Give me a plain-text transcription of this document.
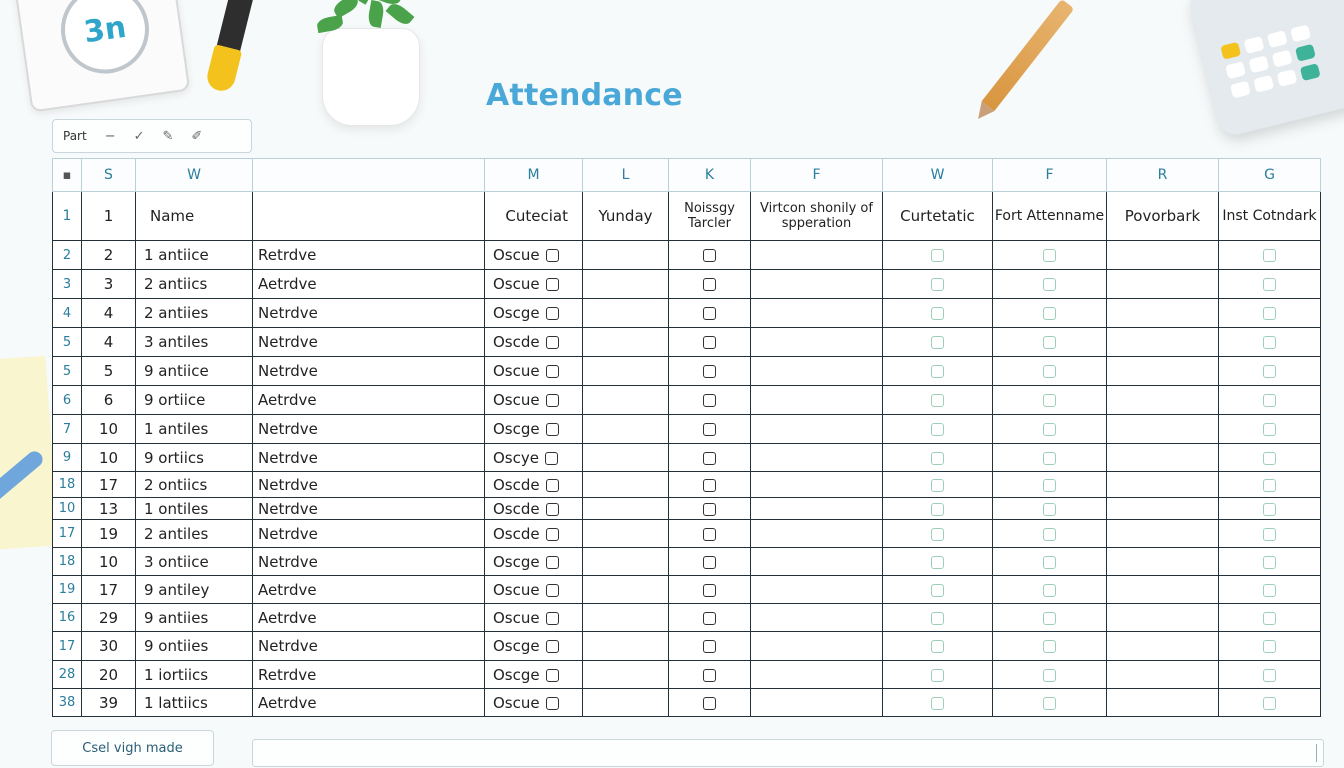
3n
Attendance
Part − ✓ ✎ ✐
▪	S	W		M	L	K	F	W	F	R	G
1	1	Name		Cuteciat	Yunday	Noissgy Tarcler	Virtcon shonily of spperation	Curtetatic	Fort Attenname	Povorbark	Inst Cotndark
2	2	1 antiice	Retrdve	Oscue							
3	3	2 antiics	Aetrdve	Oscue							
4	4	2 antiies	Netrdve	Oscge							
5	4	3 antiles	Netrdve	Oscde							
5	5	9 antiice	Netrdve	Oscue							
6	6	9 ortiice	Aetrdve	Oscue							
7	10	1 antiles	Netrdve	Oscge							
9	10	9 ortiics	Netrdve	Oscye							
18	17	2 ontiics	Netrdve	Oscde							
10	13	1 ontiles	Netrdve	Oscde							
17	19	2 antiles	Netrdve	Oscde							
18	10	3 ontiice	Netrdve	Oscge							
19	17	9 antiley	Aetrdve	Oscue							
16	29	9 antiies	Aetrdve	Oscue							
17	30	9 ontiies	Netrdve	Oscge							
28	20	1 iortiics	Retrdve	Oscge							
38	39	1 lattiics	Aetrdve	Oscue							
Csel vigh made
